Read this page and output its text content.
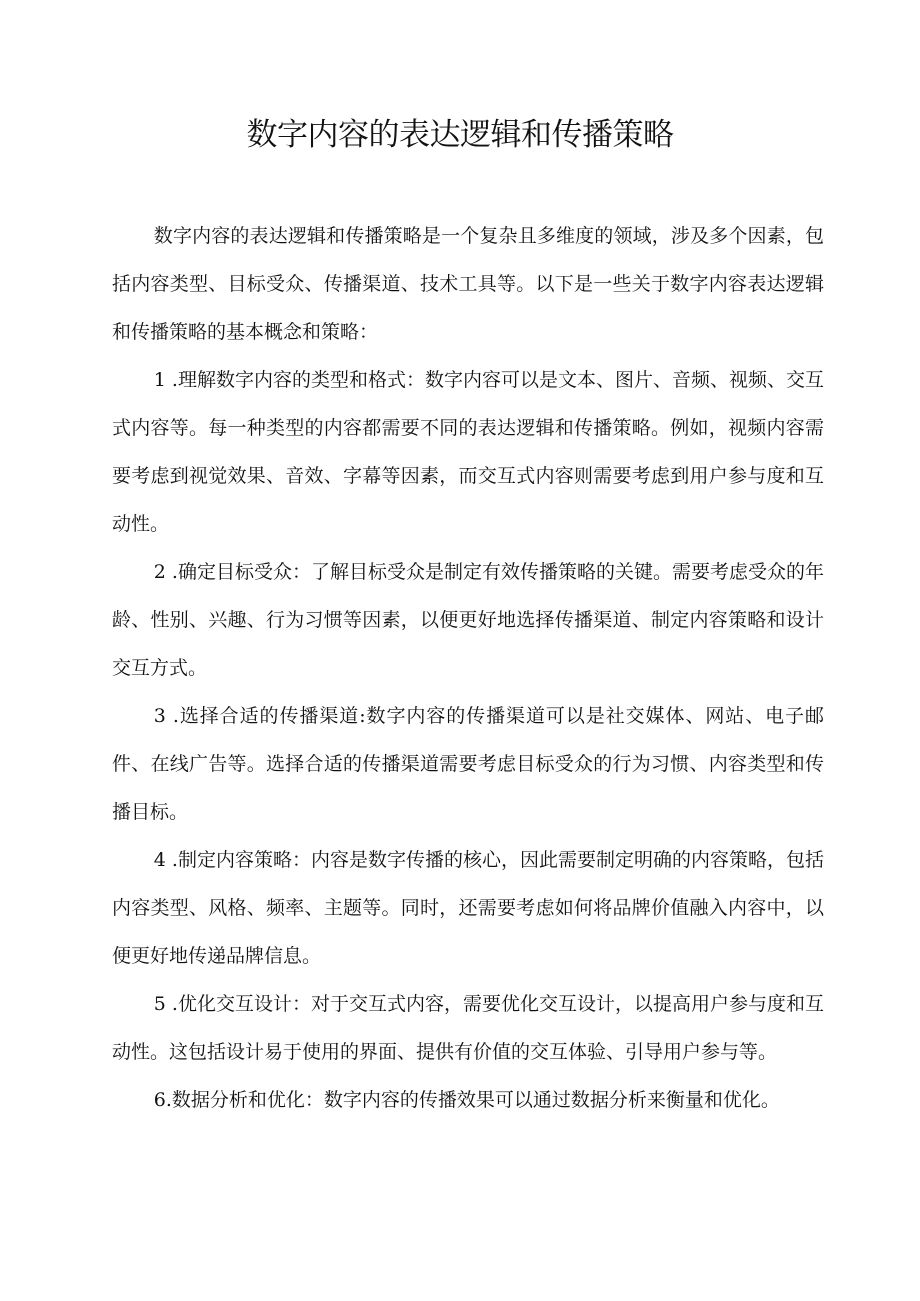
数字内容的表达逻辑和传播策略

数字内容的表达逻辑和传播策略是一个复杂且多维度的领域，涉及多个因素，包括内容类型、目标受众、传播渠道、技术工具等。以下是一些关于数字内容表达逻辑和传播策略的基本概念和策略：

1 .理解数字内容的类型和格式：数字内容可以是文本、图片、音频、视频、交互式内容等。每一种类型的内容都需要不同的表达逻辑和传播策略。例如，视频内容需要考虑到视觉效果、音效、字幕等因素，而交互式内容则需要考虑到用户参与度和互动性。

2 .确定目标受众：了解目标受众是制定有效传播策略的关键。需要考虑受众的年龄、性别、兴趣、行为习惯等因素，以便更好地选择传播渠道、制定内容策略和设计交互方式。

3 .选择合适的传播渠道:数字内容的传播渠道可以是社交媒体、网站、电子邮件、在线广告等。选择合适的传播渠道需要考虑目标受众的行为习惯、内容类型和传播目标。

4 .制定内容策略：内容是数字传播的核心，因此需要制定明确的内容策略，包括内容类型、风格、频率、主题等。同时，还需要考虑如何将品牌价值融入内容中，以便更好地传递品牌信息。

5 .优化交互设计：对于交互式内容，需要优化交互设计，以提高用户参与度和互动性。这包括设计易于使用的界面、提供有价值的交互体验、引导用户参与等。

6.数据分析和优化：数字内容的传播效果可以通过数据分析来衡量和优化。
